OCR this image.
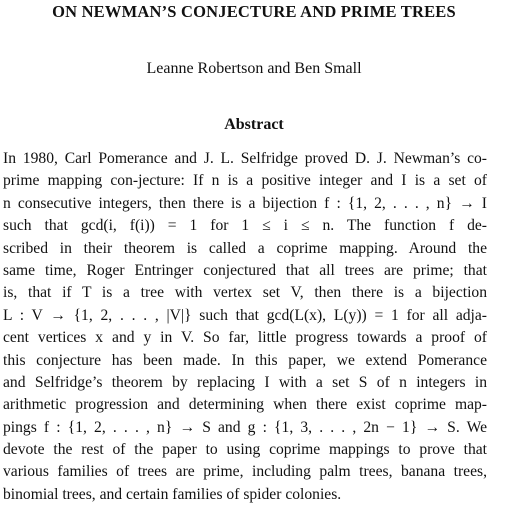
ON NEWMAN’S CONJECTURE AND PRIME TREES
Leanne Robertson and Ben Small
Abstract
In 1980, Carl Pomerance and J. L. Selfridge proved D. J. Newman’s co-
prime mapping con-jecture: If n is a positive integer and I is a set of
n consecutive integers, then there is a bijection f : {1, 2, . . . , n} → I
such that gcd(i, f(i)) = 1 for 1 ≤ i ≤ n. The function f de-
scribed in their theorem is called a coprime mapping. Around the
same time, Roger Entringer conjectured that all trees are prime; that
is, that if T is a tree with vertex set V, then there is a bijection
L : V → {1, 2, . . . , |V|} such that gcd(L(x), L(y)) = 1 for all adja-
cent vertices x and y in V. So far, little progress towards a proof of
this conjecture has been made. In this paper, we extend Pomerance
and Selfridge’s theorem by replacing I with a set S of n integers in
arithmetic progression and determining when there exist coprime map-
pings f : {1, 2, . . . , n} → S and g : {1, 3, . . . , 2n − 1} → S. We
devote the rest of the paper to using coprime mappings to prove that
various families of trees are prime, including palm trees, banana trees,
binomial trees, and certain families of spider colonies.
